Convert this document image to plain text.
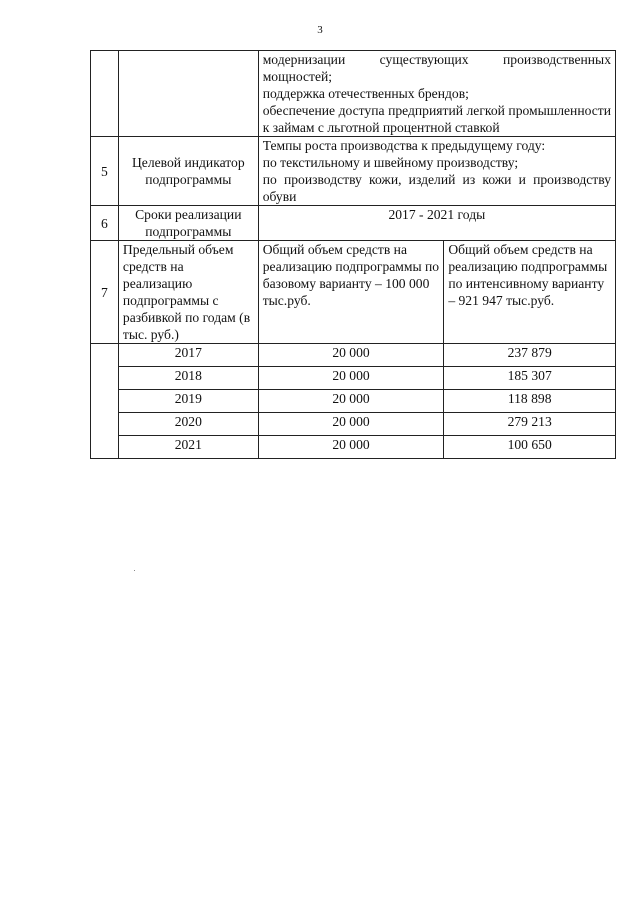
3

		модернизации существующих производственных мощностей;

поддержка отечественных брендов;

обеспечение доступа предприятий легкой промышленности к займам с льготной процентной ставкой	

5	Целевой индикатор подпрограммы	Темпы роста производства к предыдущему году:

по текстильному и швейному производству;

по производству кожи, изделий из кожи и производству обуви	

6	Сроки реализации подпрограммы	2017 - 2021 годы	
7	Предельный объем средств на реализацию подпрограммы с разбивкой по годам (в тыс. руб.)	Общий объем средств на реализацию подпрограммы по базовому варианту – 100 000 тыс.руб.	Общий объем средств на реализацию подпрограммы по интенсивному варианту – 921 947 тыс.руб.
	2017	20 000	237 879
	2018	20 000	185 307
	2019	20 000	118 898
	2020	20 000	279 213
	2021	20 000	100 650
